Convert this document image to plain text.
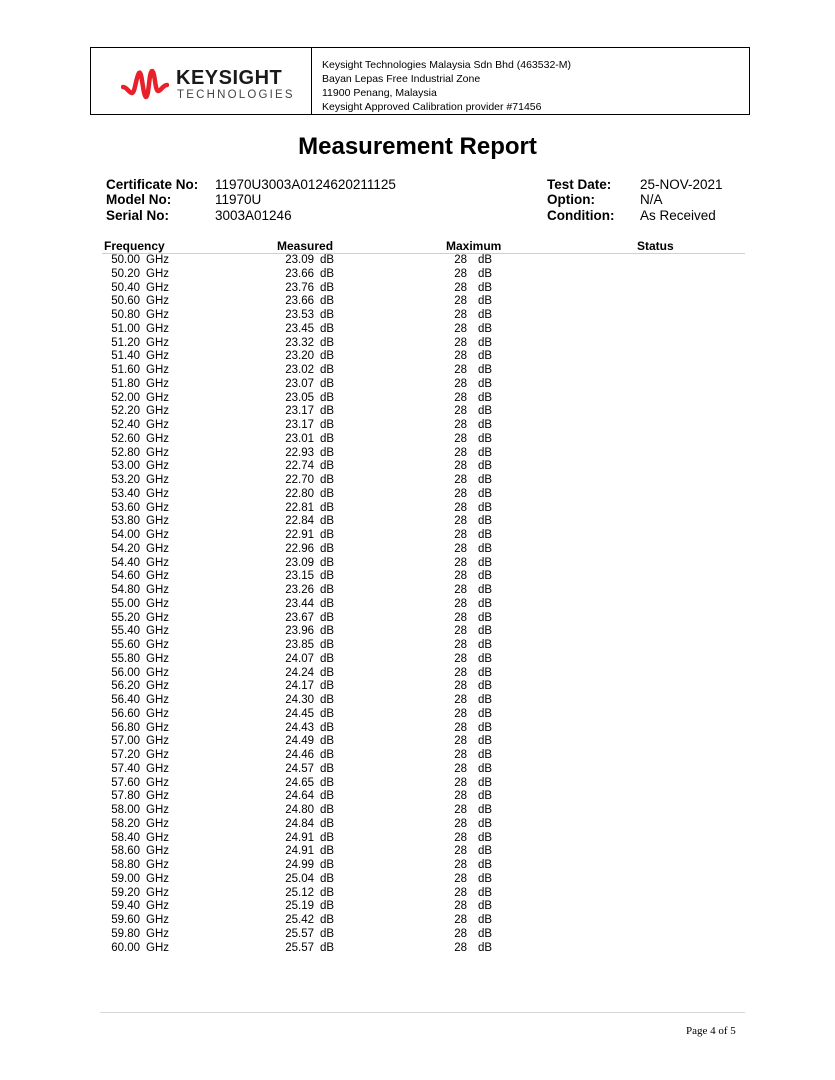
KEYSIGHT
TECHNOLOGIES
Keysight Technologies Malaysia Sdn Bhd (463532-M)
Bayan Lepas Free Industrial Zone
11900 Penang, Malaysia
Keysight Approved Calibration provider #71456
Measurement Report
Certificate No: 11970U3003A0124620211125
Model No:	11970U
Serial No:	3003A01246
Test Date: 25-NOV-2021
Option:	N/A
Condition: As Received
Frequency	Measured	Maximum	Status
50.00 GHz	23.09 dB	28 dB
50.20 GHz	23.66 dB	28 dB
50.40 GHz	23.76 dB	28 dB
50.60 GHz	23.66 dB	28 dB
50.80 GHz	23.53 dB	28 dB
51.00 GHz	23.45 dB	28 dB
51.20 GHz	23.32 dB	28 dB
51.40 GHz	23.20 dB	28 dB
51.60 GHz	23.02 dB	28 dB
51.80 GHz	23.07 dB	28 dB
52.00 GHz	23.05 dB	28 dB
52.20 GHz	23.17 dB	28 dB
52.40 GHz	23.17 dB	28 dB
52.60 GHz	23.01 dB	28 dB
52.80 GHz	22.93 dB	28 dB
53.00 GHz	22.74 dB	28 dB
53.20 GHz	22.70 dB	28 dB
53.40 GHz	22.80 dB	28 dB
53.60 GHz	22.81 dB	28 dB
53.80 GHz	22.84 dB	28 dB
54.00 GHz	22.91 dB	28 dB
54.20 GHz	22.96 dB	28 dB
54.40 GHz	23.09 dB	28 dB
54.60 GHz	23.15 dB	28 dB
54.80 GHz	23.26 dB	28 dB
55.00 GHz	23.44 dB	28 dB
55.20 GHz	23.67 dB	28 dB
55.40 GHz	23.96 dB	28 dB
55.60 GHz	23.85 dB	28 dB
55.80 GHz	24.07 dB	28 dB
56.00 GHz	24.24 dB	28 dB
56.20 GHz	24.17 dB	28 dB
56.40 GHz	24.30 dB	28 dB
56.60 GHz	24.45 dB	28 dB
56.80 GHz	24.43 dB	28 dB
57.00 GHz	24.49 dB	28 dB
57.20 GHz	24.46 dB	28 dB
57.40 GHz	24.57 dB	28 dB
57.60 GHz	24.65 dB	28 dB
57.80 GHz	24.64 dB	28 dB
58.00 GHz	24.80 dB	28 dB
58.20 GHz	24.84 dB	28 dB
58.40 GHz	24.91 dB	28 dB
58.60 GHz	24.91 dB	28 dB
58.80 GHz	24.99 dB	28 dB
59.00 GHz	25.04 dB	28 dB
59.20 GHz	25.12 dB	28 dB
59.40 GHz	25.19 dB	28 dB
59.60 GHz	25.42 dB	28 dB
59.80 GHz	25.57 dB	28 dB
60.00 GHz	25.57 dB	28 dB
Page 4 of 5
